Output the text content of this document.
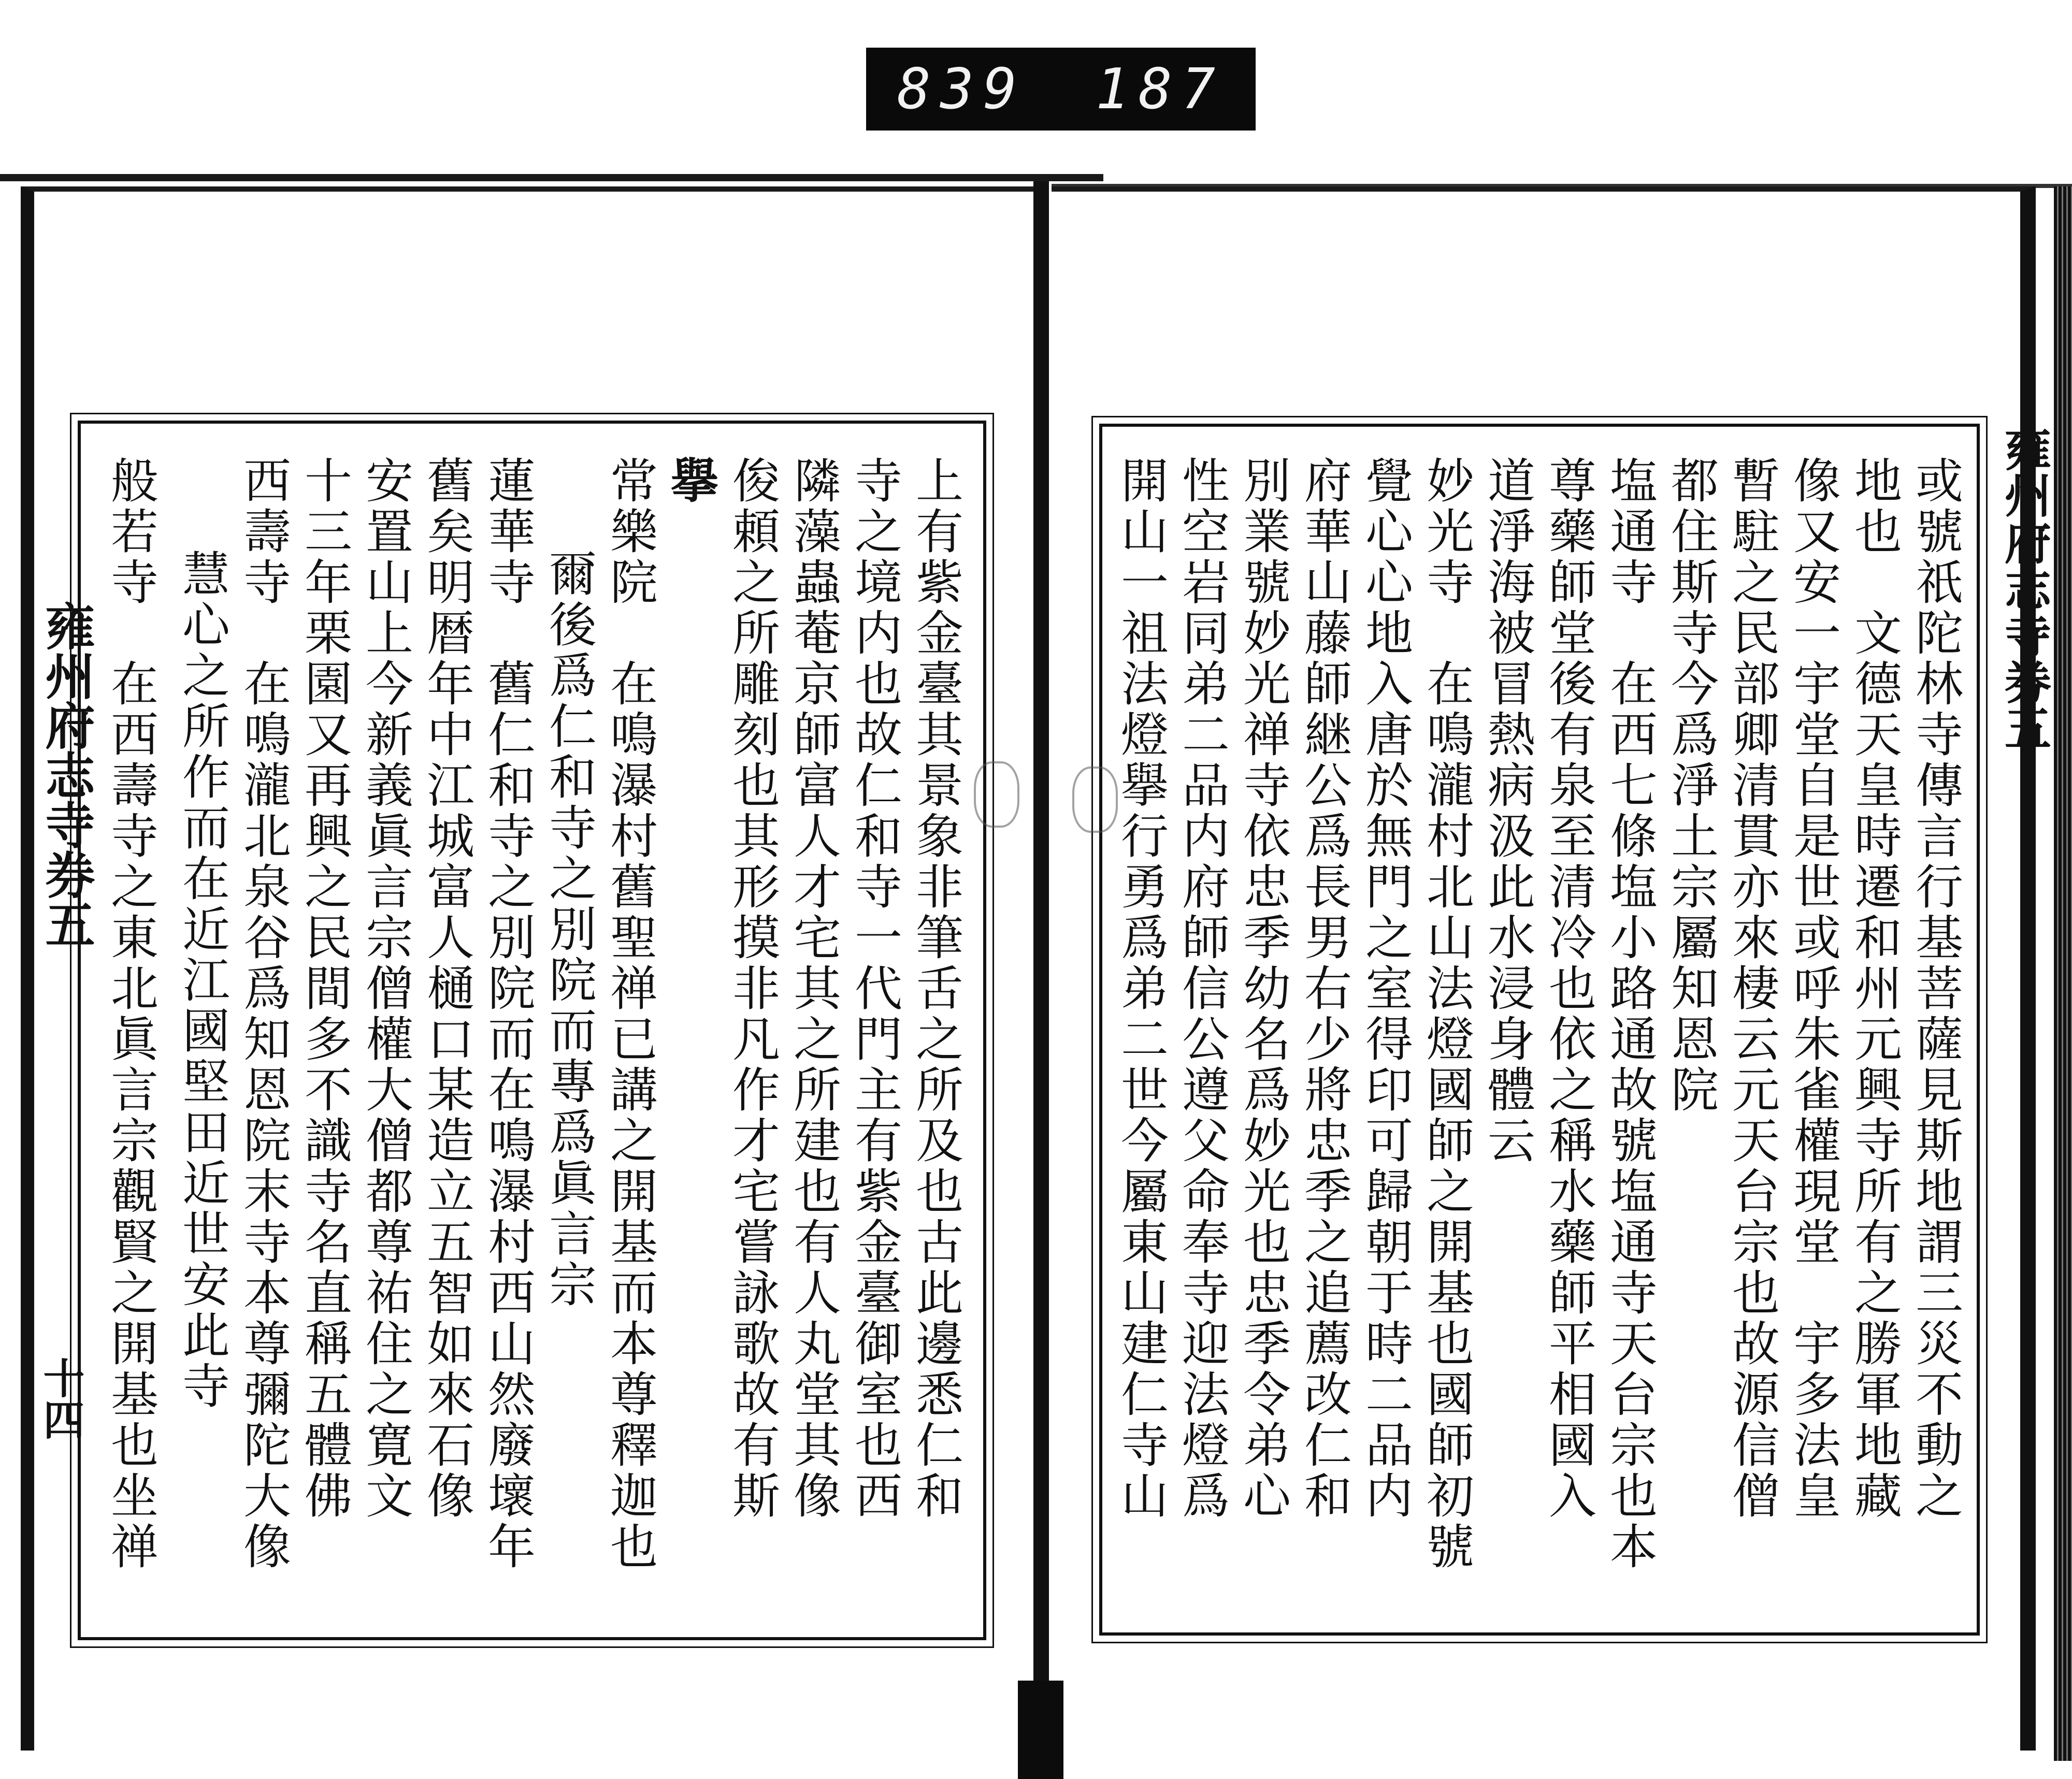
839 187
雍州府志寺券五
十四
雍州府志寺券五
上有紫金臺其景象非筆舌之所及也古此邊悉仁和
寺之境内也故仁和寺一代門主有紫金臺御室也西
隣藻蟲菴京師富人才宅其之所建也有人丸堂其像
俊頼之所雕刻也其形摸非凡作才宅嘗詠歌故有斯
擧
常樂院　在鳴瀑村舊聖禅已講之開基而本尊釋迦也
爾後爲仁和寺之別院而專爲眞言宗
蓮華寺　舊仁和寺之別院而在鳴瀑村西山然廢壞年
舊矣明暦年中江城富人樋口某造立五智如來石像
安置山上今新義眞言宗僧權大僧都尊祐住之寛文
十三年栗園又再興之民間多不識寺名直稱五體佛
西壽寺　在鳴瀧北泉谷爲知恩院末寺本尊彌陀大像
慧心之所作而在近江國堅田近世安此寺
般若寺　在西壽寺之東北眞言宗觀賢之開基也坐禅	或號祇陀林寺傳言行基菩薩見斯地謂三災不動之
地也　文德天皇時遷和州元興寺所有之勝軍地藏
像又安一宇堂自是世或呼朱雀權現堂　宇多法皇
暫駐之民部卿清貫亦來棲云元天台宗也故源信僧
都住斯寺今爲淨土宗屬知恩院
塩通寺　在西七條塩小路通故號塩通寺天台宗也本
尊藥師堂後有泉至清冷也依之稱水藥師平相國入
道淨海被冒熱病汲此水浸身體云
妙光寺　在鳴瀧村北山法燈國師之開基也國師初號
覺心心地入唐於無門之室得印可歸朝于時二品内
府華山藤師継公爲長男右少將忠季之追薦改仁和
別業號妙光禅寺依忠季幼名爲妙光也忠季令弟心
性空岩同弟二品内府師信公遵父命奉寺迎法燈爲
開山一祖法燈擧行勇爲弟二世今屬東山建仁寺山
